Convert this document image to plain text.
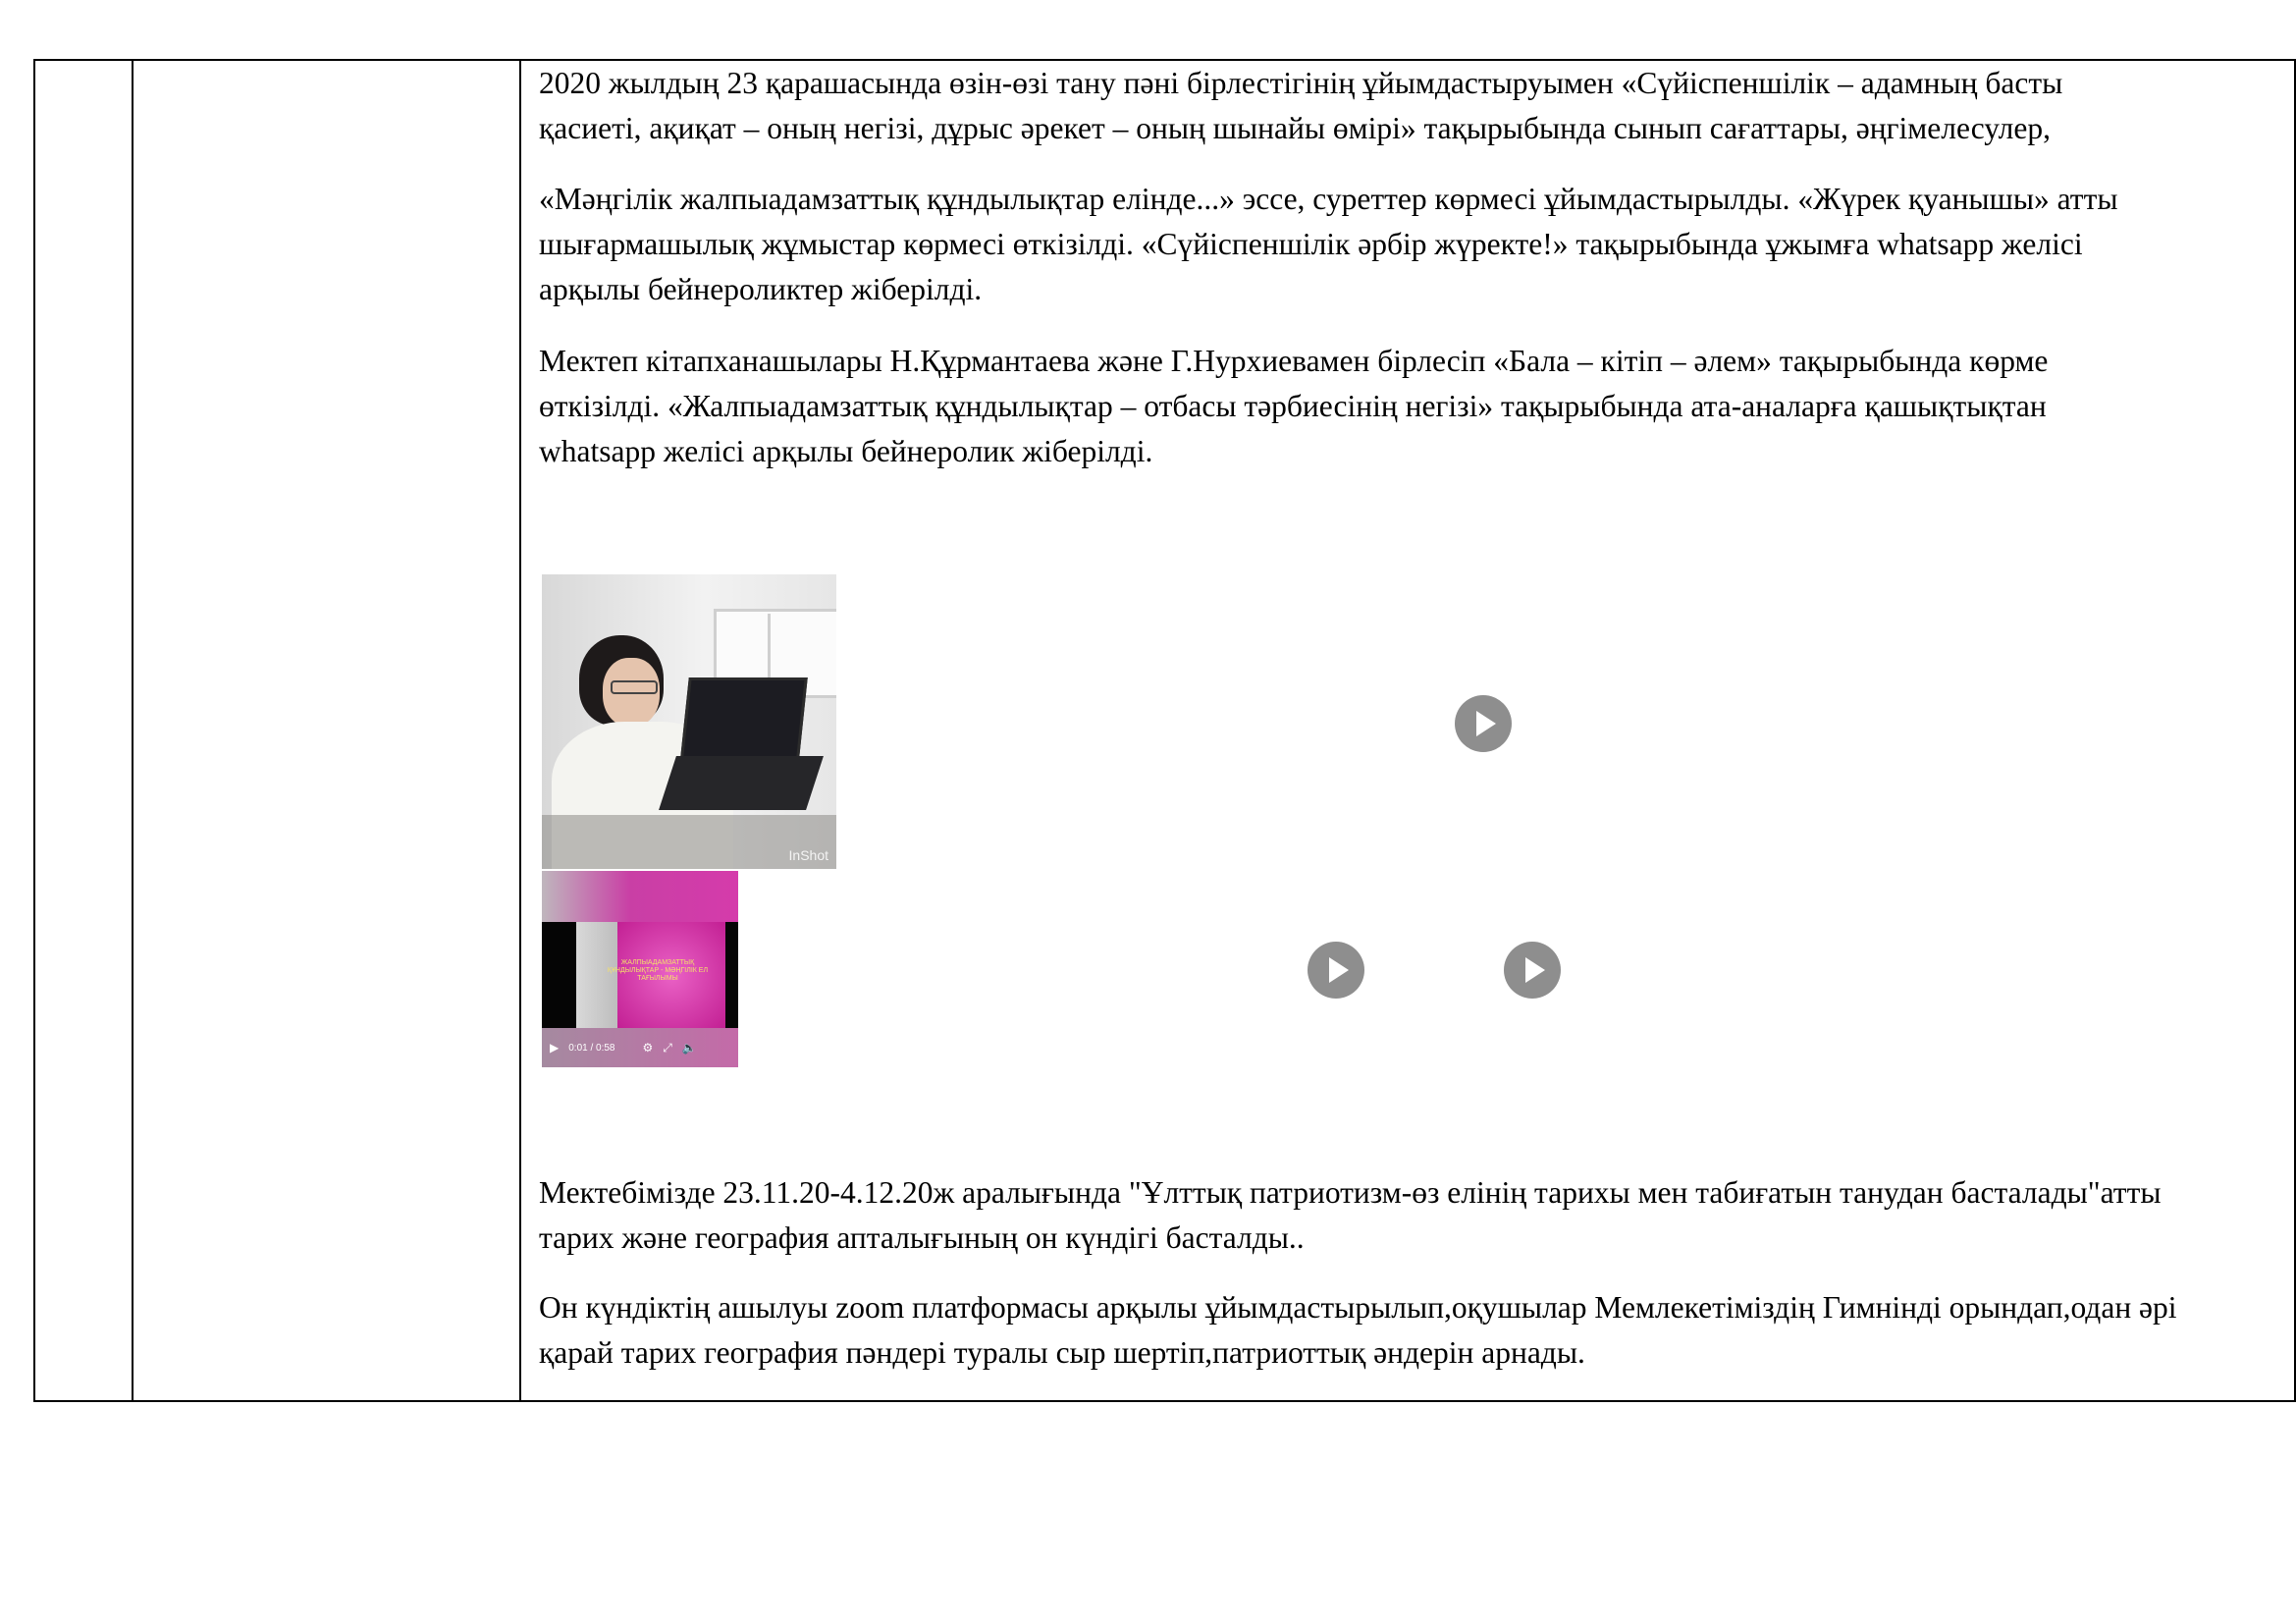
2020 жылдың 23 қарашасында өзін-өзі тану пәні бірлестігінің ұйымдастыруымен «Сүйіспеншілік – адамның басты
қасиеті, ақиқат – оның негізі, дұрыс әрекет – оның шынайы өмірі» тақырыбында сынып сағаттары, әңгімелесулер,

«Мәңгілік жалпыадамзаттық құндылықтар елінде...» эссе, суреттер көрмесі ұйымдастырылды. «Жүрек қуанышы» атты
шығармашылық жұмыстар көрмесі өткізілді. «Сүйіспеншілік әрбір жүректе!» тақырыбында ұжымға whatsapp желісі
арқылы бейнероликтер жіберілді.

Мектеп кітапханашылары Н.Құрмантаева және Г.Нурхиевамен бірлесіп «Бала – кітіп – әлем» тақырыбында көрме
өткізілді. «Жалпыадамзаттық құндылықтар – отбасы тәрбиесінің негізі» тақырыбында ата-аналарға қашықтықтан
whatsapp желісі арқылы бейнеролик жіберілді.

InShot
ЖАЛПЫАДАМЗАТТЫҚ ҚҰНДЫЛЫҚТАР - МӘҢГІЛІК ЕЛ ТАҒЫЛЫМЫ
▶ 0:01 / 0:58 ⚙ ⤢ 🔈

Мектебімізде 23.11.20-4.12.20ж аралығында "Ұлттық патриотизм-өз елінің тарихы мен табиғатын танудан басталады"атты
тарих және география апталығының он күндігі басталды..

Он күндіктің ашылуы zoom платформасы арқылы ұйымдастырылып,оқушылар Мемлекетіміздің Гимнінді орындап,одан әрі
қарай тарих география пәндері туралы сыр шертіп,патриоттық әндерін арнады.
